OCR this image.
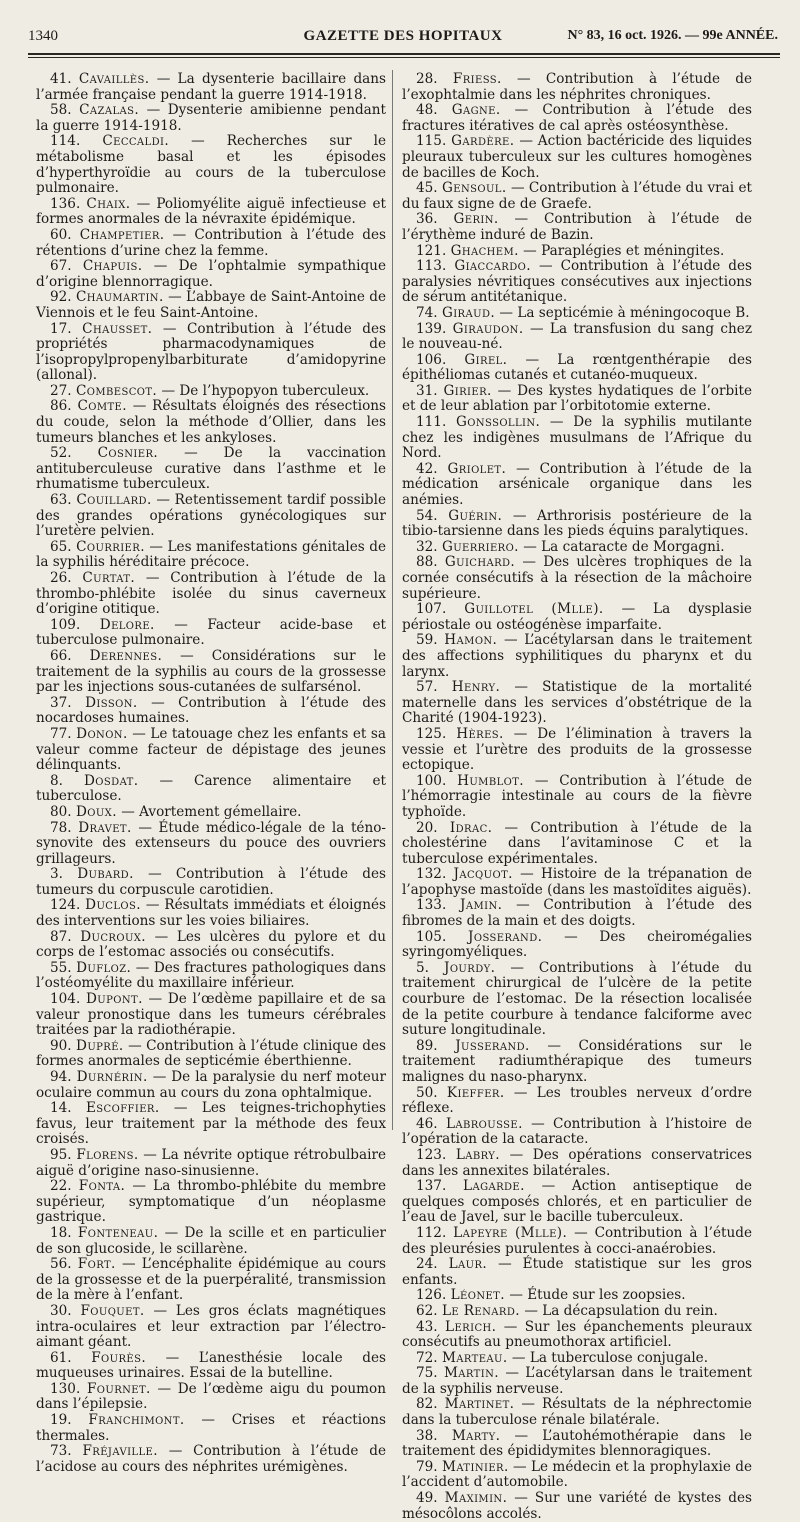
1340	GAZETTE DES HOPITAUX	N° 83, 16 oct. 1926. — 99e ANNÉE.

41. Cavaillès. — La dysenterie bacillaire dans l’armée française pendant la guerre 1914-1918.

58. Cazalas. — Dysenterie amibienne pendant la guerre 1914-1918.

114. Ceccaldi. — Recherches sur le métabolisme basal et les épisodes d’hyperthyroïdie au cours de la tuberculose pulmonaire.

136. Chaix. — Poliomyélite aiguë infectieuse et formes anormales de la névraxite épidémique.

60. Champetier. — Contribution à l’étude des rétentions d’urine chez la femme.

67. Chapuis. — De l’ophtalmie sympathique d’origine blennorragique.

92. Chaumartin. — L’abbaye de Saint-Antoine de Viennois et le feu Saint-Antoine.

17. Chausset. — Contribution à l’étude des propriétés pharmacodynamiques de l’isopropylpropenylbarbiturate d’amidopyrine (allonal).

27. Combescot. — De l’hypopyon tuberculeux.

86. Comte. — Résultats éloignés des résections du coude, selon la méthode d’Ollier, dans les tumeurs blanches et les ankyloses.

52. Cosnier. — De la vaccination antituberculeuse curative dans l’asthme et le rhumatisme tuberculeux.

63. Couillard. — Retentissement tardif possible des grandes opérations gynécologiques sur l’uretère pelvien.

65. Courrier. — Les manifestations génitales de la syphilis héréditaire précoce.

26. Curtat. — Contribution à l’étude de la thrombo-phlébite isolée du sinus caverneux d’origine otitique.

109. Delore. — Facteur acide-base et tuberculose pulmonaire.

66. Derennes. — Considérations sur le traitement de la syphilis au cours de la grossesse par les injections sous-cutanées de sulfarsénol.

37. Disson. — Contribution à l’étude des nocardoses humaines.

77. Donon. — Le tatouage chez les enfants et sa valeur comme facteur de dépistage des jeunes délinquants.

8. Dosdat. — Carence alimentaire et tuberculose.

80. Doux. — Avortement gémellaire.

78. Dravet. — Étude médico-légale de la téno-synovite des extenseurs du pouce des ouvriers grillageurs.

3. Dubard. — Contribution à l’étude des tumeurs du corpuscule carotidien.

124. Duclos. — Résultats immédiats et éloignés des interventions sur les voies biliaires.

87. Ducroux. — Les ulcères du pylore et du corps de l’estomac associés ou consécutifs.

55. Dufloz. — Des fractures pathologiques dans l’ostéomyélite du maxillaire inférieur.

104. Dupont. — De l’œdème papillaire et de sa valeur pronostique dans les tumeurs cérébrales traitées par la radiothérapie.

90. Dupré. — Contribution à l’étude clinique des formes anormales de septicémie éberthienne.

94. Durnérin. — De la paralysie du nerf moteur oculaire commun au cours du zona ophtalmique.

14. Escoffier. — Les teignes-trichophyties favus, leur traitement par la méthode des feux croisés.

95. Florens. — La névrite optique rétrobulbaire aiguë d’origine naso-sinusienne.

22. Fonta. — La thrombo-phlébite du membre supérieur, symptomatique d’un néoplasme gastrique.

18. Fonteneau. — De la scille et en particulier de son glucoside, le scillarène.

56. Fort. — L’encéphalite épidémique au cours de la grossesse et de la puerpéralité, transmission de la mère à l’enfant.

30. Fouquet. — Les gros éclats magnétiques intra-oculaires et leur extraction par l’électro-aimant géant.

61. Fourès. — L’anesthésie locale des muqueuses urinaires. Essai de la butelline.

130. Fournet. — De l’œdème aigu du poumon dans l’épilepsie.

19. Franchimont. — Crises et réactions thermales.

73. Fréjaville. — Contribution à l’étude de l’acidose au cours des néphrites urémigènes.

28. Friess. — Contribution à l’étude de l’exophtalmie dans les néphrites chroniques.

48. Gagne. — Contribution à l’étude des fractures itératives de cal après ostéosynthèse.

115. Gardère. — Action bactéricide des liquides pleuraux tuberculeux sur les cultures homogènes de bacilles de Koch.

45. Gensoul. — Contribution à l’étude du vrai et du faux signe de de Graefe.

36. Gerin. — Contribution à l’étude de l’érythème induré de Bazin.

121. Ghachem. — Paraplégies et méningites.

113. Giaccardo. — Contribution à l’étude des paralysies névritiques consécutives aux injections de sérum antitétanique.

74. Giraud. — La septicémie à méningocoque B.

139. Giraudon. — La transfusion du sang chez le nouveau-né.

106. Girel. — La rœntgenthérapie des épithéliomas cutanés et cutanéo-muqueux.

31. Girier. — Des kystes hydatiques de l’orbite et de leur ablation par l’orbitotomie externe.

111. Gonssollin. — De la syphilis mutilante chez les indigènes musulmans de l’Afrique du Nord.

42. Griolet. — Contribution à l’étude de la médication arsénicale organique dans les anémies.

54. Guérin. — Arthrorisis postérieure de la tibio-tarsienne dans les pieds équins paralytiques.

32. Guerriero. — La cataracte de Morgagni.

88. Guichard. — Des ulcères trophiques de la cornée consécutifs à la résection de la mâchoire supérieure.

107. Guillotel (Mlle). — La dysplasie périostale ou ostéogénèse imparfaite.

59. Hamon. — L’acétylarsan dans le traitement des affections syphilitiques du pharynx et du larynx.

57. Henry. — Statistique de la mortalité maternelle dans les services d’obstétrique de la Charité (1904-1923).

125. Hères. — De l’élimination à travers la vessie et l’urètre des produits de la grossesse ectopique.

100. Humblot. — Contribution à l’étude de l’hémorragie intestinale au cours de la fièvre typhoïde.

20. Idrac. — Contribution à l’étude de la cholestérine dans l’avitaminose C et la tuberculose expérimentales.

132. Jacquot. — Histoire de la trépanation de l’apophyse mastoïde (dans les mastoïdites aiguës).

133. Jamin. — Contribution à l’étude des fibromes de la main et des doigts.

105. Josserand. — Des cheiromégalies syringomyéliques.

5. Jourdy. — Contributions à l’étude du traitement chirurgical de l’ulcère de la petite courbure de l’estomac. De la résection localisée de la petite courbure à tendance falciforme avec suture longitudinale.

89. Jusserand. — Considérations sur le traitement radiumthérapique des tumeurs malignes du naso-pharynx.

50. Kieffer. — Les troubles nerveux d’ordre réflexe.

46. Labrousse. — Contribution à l’histoire de l’opération de la cataracte.

123. Labry. — Des opérations conservatrices dans les annexites bilatérales.

137. Lagarde. — Action antiseptique de quelques composés chlorés, et en particulier de l’eau de Javel, sur le bacille tuberculeux.

112. Lapeyre (Mlle). — Contribution à l’étude des pleurésies purulentes à cocci-anaérobies.

24. Laur. — Étude statistique sur les gros enfants.

126. Léonet. — Étude sur les zoopsies.

62. Le Renard. — La décapsulation du rein.

43. Lerich. — Sur les épanchements pleuraux consécutifs au pneumothorax artificiel.

72. Marteau. — La tuberculose conjugale.

75. Martin. — L’acétylarsan dans le traitement de la syphilis nerveuse.

82. Martinet. — Résultats de la néphrectomie dans la tuberculose rénale bilatérale.

38. Marty. — L’autohémothérapie dans le traitement des épididymites blennoragiques.

79. Matinier. — Le médecin et la prophylaxie de l’accident d’automobile.

49. Maximin. — Sur une variété de kystes des mésocôlons accolés.
